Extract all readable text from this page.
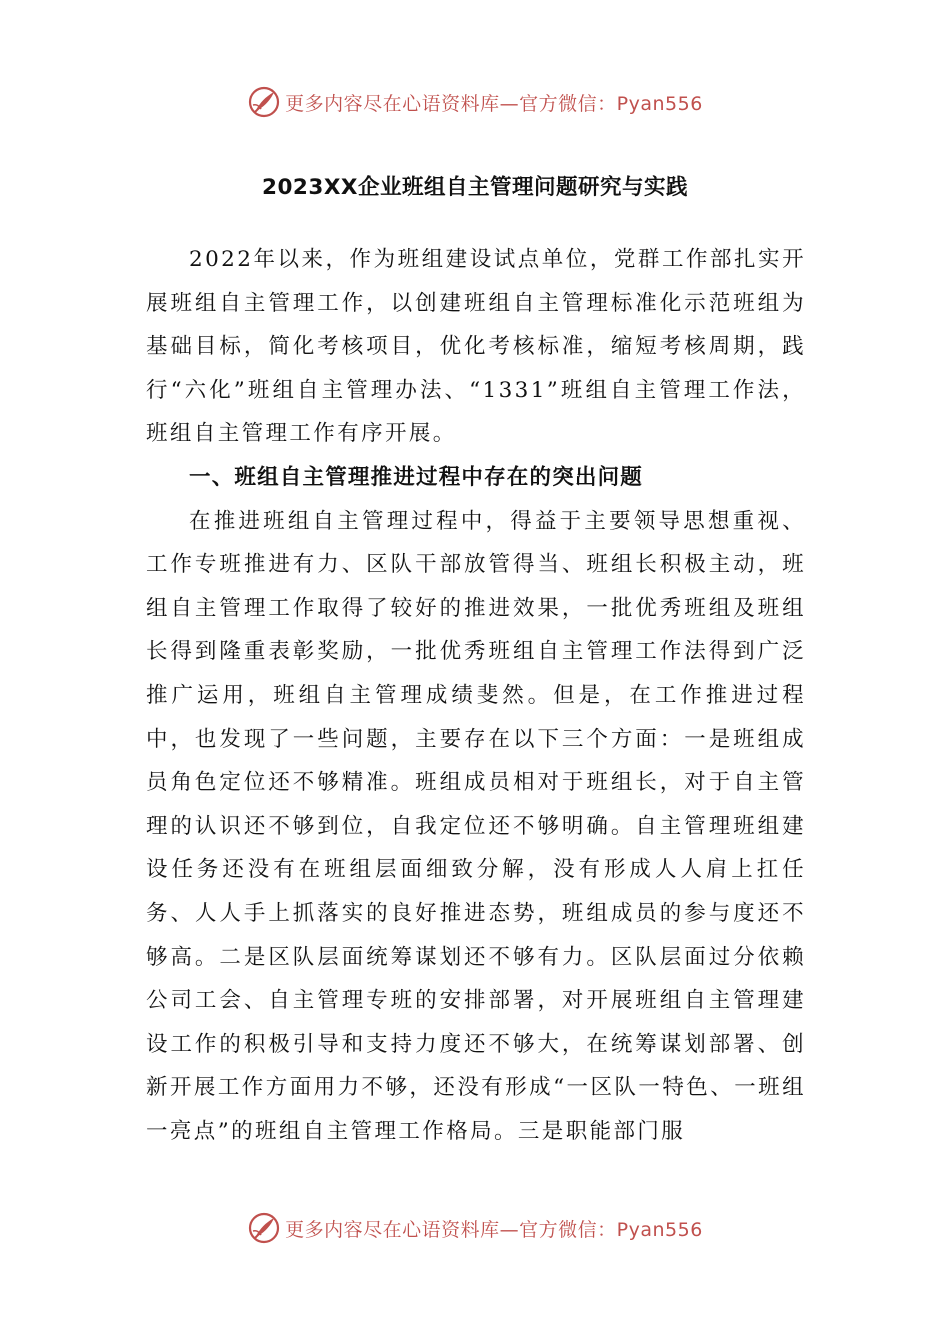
更多内容尽在心语资料库—官方微信：Pyan556
2023XX企业班组自主管理问题研究与实践

2022年以来，作为班组建设试点单位，党群工作部扎实开展班组自主管理工作，以创建班组自主管理标准化示范班组为基础目标，简化考核项目，优化考核标准，缩短考核周期，践行“六化”班组自主管理办法、“1331”班组自主管理工作法，班组自主管理工作有序开展。

一、班组自主管理推进过程中存在的突出问题

在推进班组自主管理过程中，得益于主要领导思想重视、工作专班推进有力、区队干部放管得当、班组长积极主动，班组自主管理工作取得了较好的推进效果，一批优秀班组及班组长得到隆重表彰奖励，一批优秀班组自主管理工作法得到广泛推广运用，班组自主管理成绩斐然。但是，在工作推进过程中，也发现了一些问题，主要存在以下三个方面：一是班组成员角色定位还不够精准。班组成员相对于班组长，对于自主管理的认识还不够到位，自我定位还不够明确。自主管理班组建设任务还没有在班组层面细致分解，没有形成人人肩上扛任务、人人手上抓落实的良好推进态势，班组成员的参与度还不够高。二是区队层面统筹谋划还不够有力。区队层面过分依赖公司工会、自主管理专班的安排部署，对开展班组自主管理建设工作的积极引导和支持力度还不够大，在统筹谋划部署、创新开展工作方面用力不够，还没有形成“一区队一特色、一班组一亮点”的班组自主管理工作格局。三是职能部门服

更多内容尽在心语资料库—官方微信：Pyan556
